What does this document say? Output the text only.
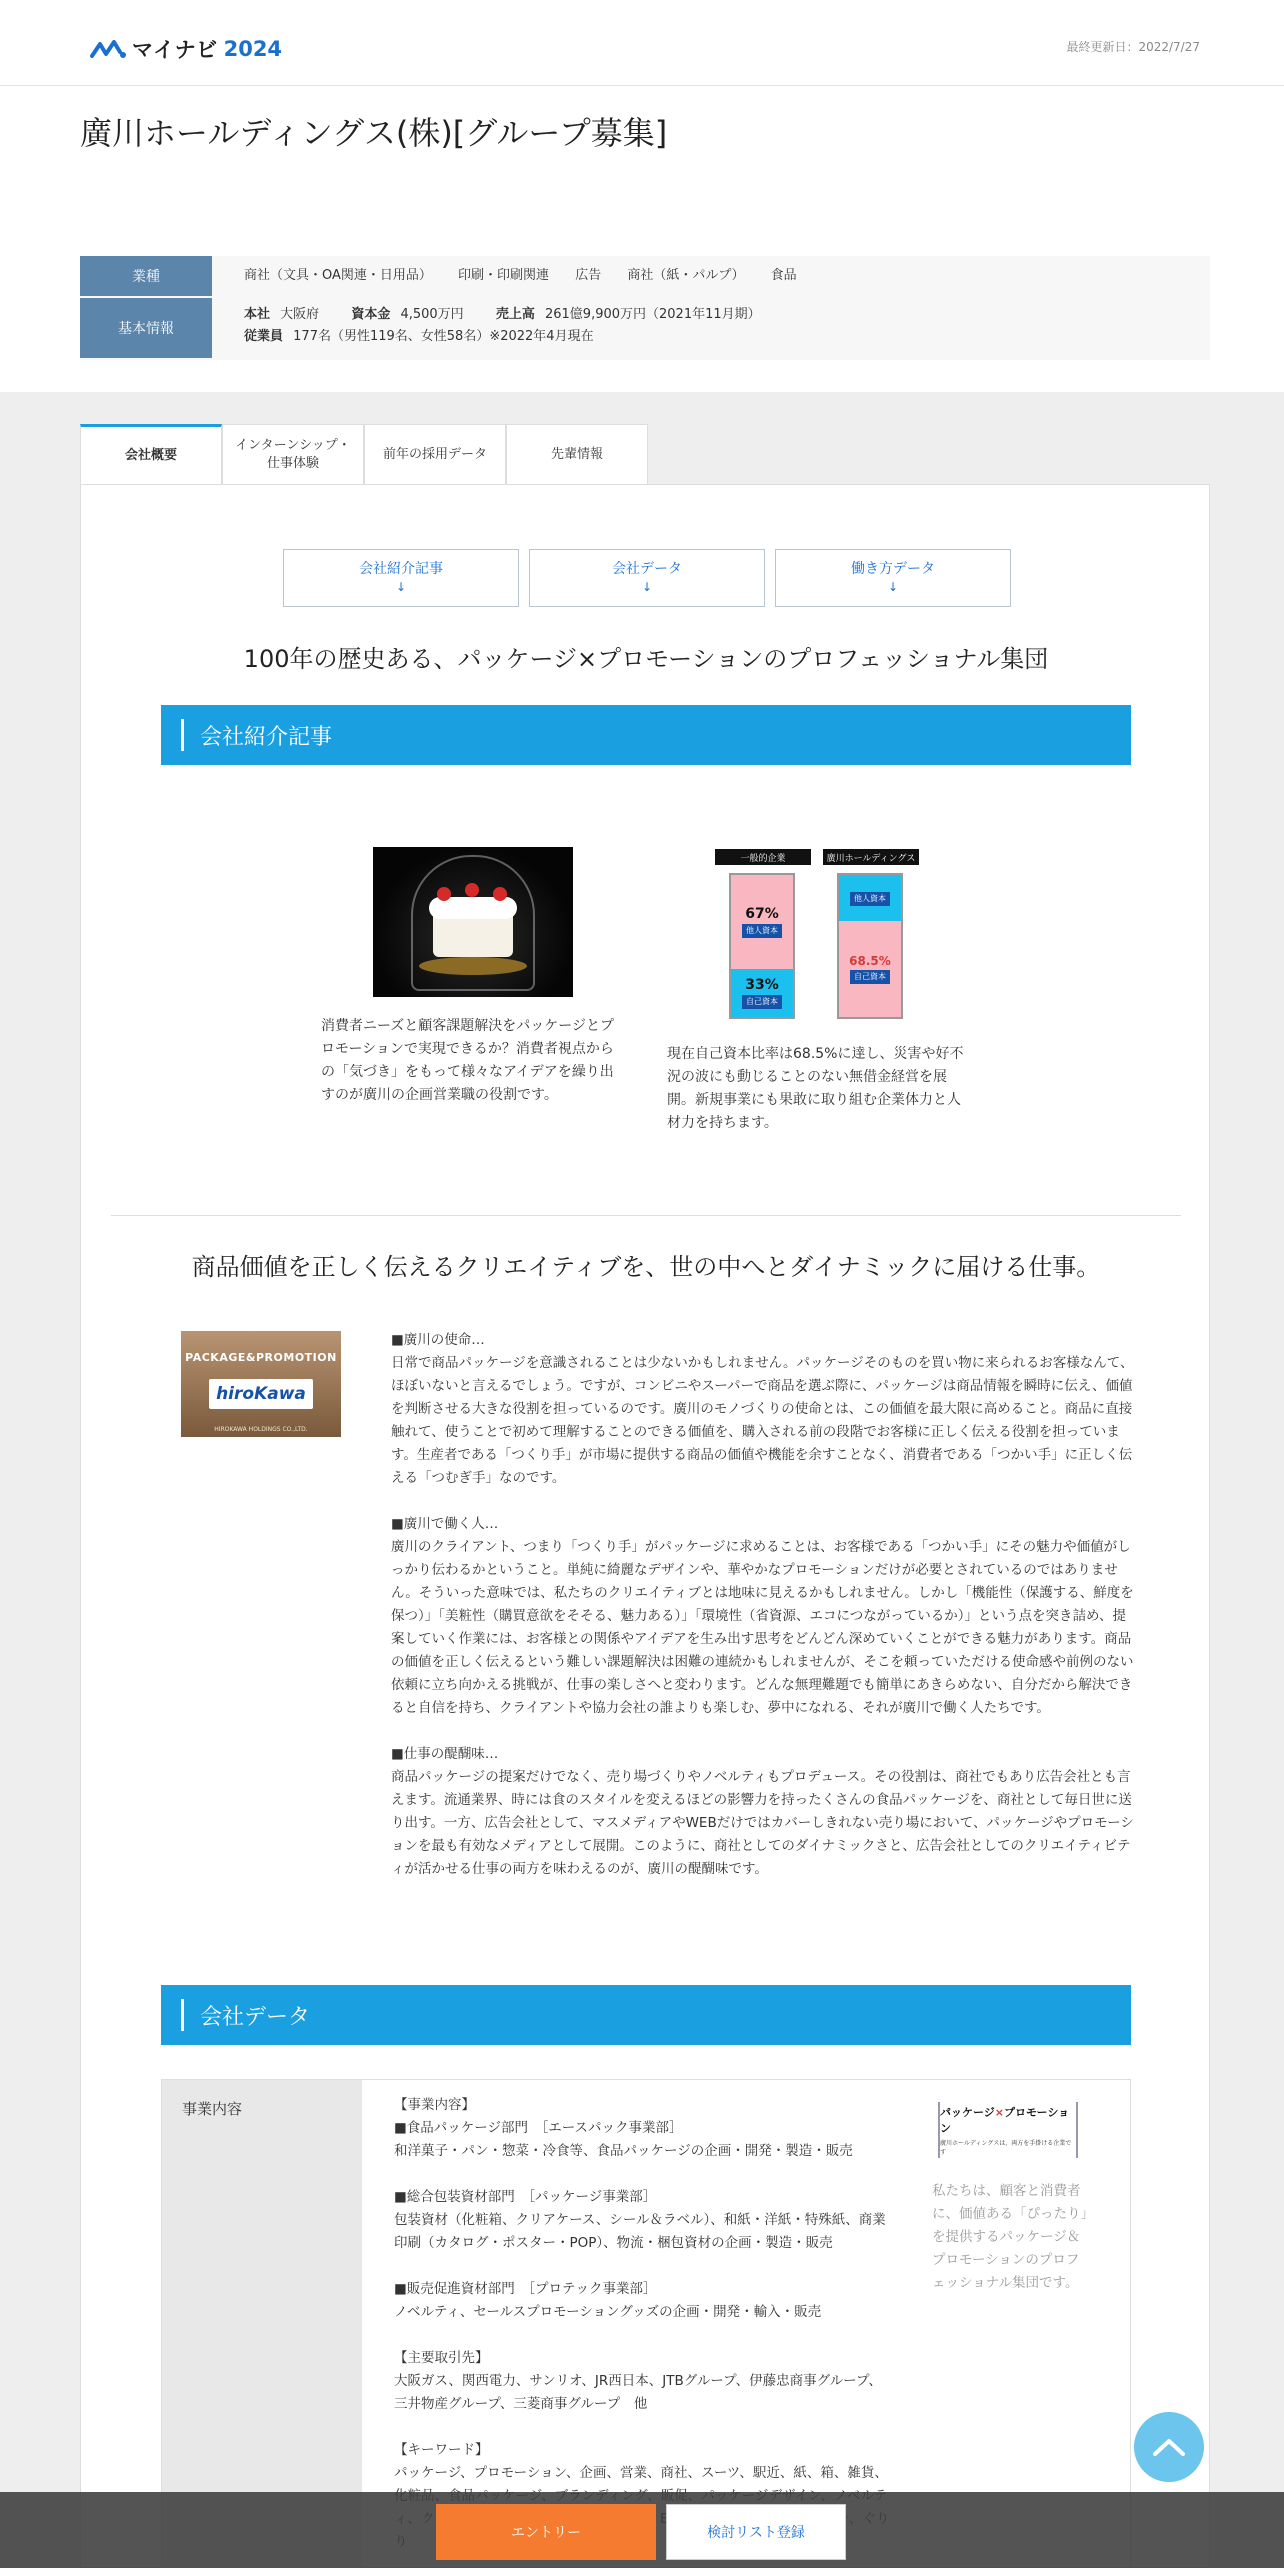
マイナビ 2024	最終更新日：2022/7/27
廣川ホールディングス(株)[グループ募集]
業種	商社（文具・OA関連・日用品） 印刷・印刷関連 広告 商社（紙・パルプ） 食品
基本情報
本社 大阪府 資本金 4,500万円 売上高 261億9,900万円（2021年11月期）
従業員 177名（男性119名、女性58名）※2022年4月現在
会社概要
インターンシップ・
仕事体験
前年の採用データ	先輩情報
会社紹介記事
↓
会社データ
↓
働き方データ
↓
100年の歴史ある、パッケージ×プロモーションのプロフェッショナル集団
会社紹介記事
消費者ニーズと顧客課題解決をパッケージとプロモーションで実現できるか？消費者視点からの「気づき」をもって様々なアイデアを繰り出すのが廣川の企画営業職の役割です。
一般的企業	廣川ホールディングス
67%
他人資本
33%
自己資本
他人資本
68.5%
自己資本
現在自己資本比率は68.5%に達し、災害や好不況の波にも動じることのない無借金経営を展開。新規事業にも果敢に取り組む企業体力と人材力を持ちます。
商品価値を正しく伝えるクリエイティブを、世の中へとダイナミックに届ける仕事。
PACKAGE&PROMOTION
hiroKawa
HIROKAWA HOLDINGS CO.,LTD.

■廣川の使命…
日常で商品パッケージを意識されることは少ないかもしれません。パッケージそのものを買い物に来られるお客様なんて、ほぼいないと言えるでしょう。ですが、コンビニやスーパーで商品を選ぶ際に、パッケージは商品情報を瞬時に伝え、価値を判断させる大きな役割を担っているのです。廣川のモノづくりの使命とは、この価値を最大限に高めること。商品に直接触れて、使うことで初めて理解することのできる価値を、購入される前の段階でお客様に正しく伝える役割を担っています。生産者である「つくり手」が市場に提供する商品の価値や機能を余すことなく、消費者である「つかい手」に正しく伝える「つむぎ手」なのです。

■廣川で働く人…
廣川のクライアント、つまり「つくり手」がパッケージに求めることは、お客様である「つかい手」にその魅力や価値がしっかり伝わるかということ。単純に綺麗なデザインや、華やかなプロモーションだけが必要とされているのではありません。そういった意味では、私たちのクリエイティブとは地味に見えるかもしれません。しかし「機能性（保護する、鮮度を保つ）」「美粧性（購買意欲をそそる、魅力ある）」「環境性（省資源、エコにつながっているか）」という点を突き詰め、提案していく作業には、お客様との関係やアイデアを生み出す思考をどんどん深めていくことができる魅力があります。商品の価値を正しく伝えるという難しい課題解決は困難の連続かもしれませんが、そこを頼っていただける使命感や前例のない依頼に立ち向かえる挑戦が、仕事の楽しさへと変わります。どんな無理難題でも簡単にあきらめない、自分だから解決できると自信を持ち、クライアントや協力会社の誰よりも楽しむ、夢中になれる、それが廣川で働く人たちです。

■仕事の醍醐味…
商品パッケージの提案だけでなく、売り場づくりやノベルティもプロデュース。その役割は、商社でもあり広告会社とも言えます。流通業界、時には食のスタイルを変えるほどの影響力を持ったくさんの食品パッケージを、商社として毎日世に送り出す。一方、広告会社として、マスメディアやWEBだけではカバーしきれない売り場において、パッケージやプロモーションを最も有効なメディアとして展開。このように、商社としてのダイナミックさと、広告会社としてのクリエイティビティが活かせる仕事の両方を味わえるのが、廣川の醍醐味です。

会社データ
事業内容	【事業内容】
■食品パッケージ部門　［エースパック事業部］
和洋菓子・パン・惣菜・冷食等、食品パッケージの企画・開発・製造・販売

■総合包装資材部門　［パッケージ事業部］
包装資材（化粧箱、クリアケース、シール＆ラベル）、和紙・洋紙・特殊紙、商業印刷（カタログ・ポスター・POP）、物流・梱包資材の企画・製造・販売

■販売促進資材部門　［プロテック事業部］
ノベルティ、セールスプロモーショングッズの企画・開発・輸入・販売

【主要取引先】
大阪ガス、関西電力、サンリオ、JR西日本、JTBグループ、伊藤忠商事グループ、三井物産グループ、三菱商事グループ　他

【キーワード】
パッケージ、プロモーション、企画、営業、商社、スーツ、駅近、紙、箱、雑貨、

パッケージ×プロモーション
廣川ホールディングスは、両方を手掛ける企業です
私たちは、顧客と消費者に、価値ある「ぴったり」を提供するパッケージ＆プロモーションのプロフェッショナル集団です。
エントリー	検討リスト登録
